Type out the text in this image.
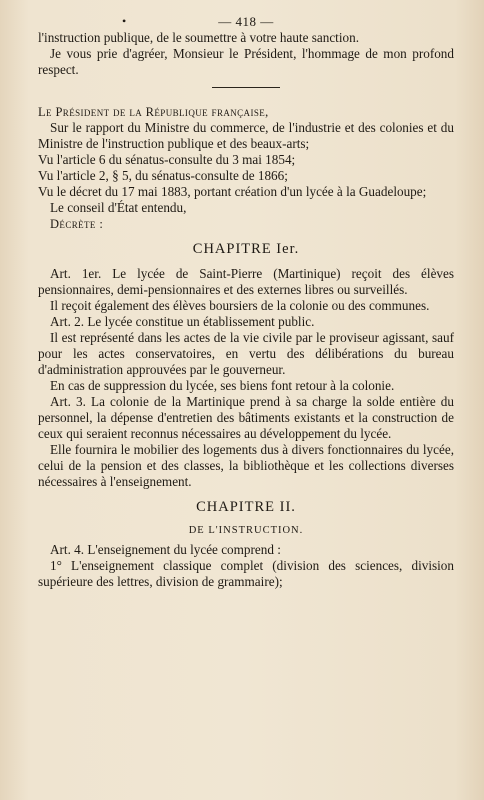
•	— 418 —

l'instruction publique, de le soumettre à votre haute sanction.

Je vous prie d'agréer, Monsieur le Président, l'hommage de mon profond respect.

Le Président de la République française,

Sur le rapport du Ministre du commerce, de l'industrie et des colonies et du Ministre de l'instruction publique et des beaux-arts;

Vu l'article 6 du sénatus-consulte du 3 mai 1854;

Vu l'article 2, § 5, du sénatus-consulte de 1866;

Vu le décret du 17 mai 1883, portant création d'un lycée à la Guadeloupe;

Le conseil d'État entendu,

Décrète :

CHAPITRE Ier.

Art. 1er. Le lycée de Saint-Pierre (Martinique) reçoit des élèves pensionnaires, demi-pensionnaires et des externes libres ou surveillés.

Il reçoit également des élèves boursiers de la colonie ou des communes.

Art. 2. Le lycée constitue un établissement public.

Il est représenté dans les actes de la vie civile par le proviseur agissant, sauf pour les actes conservatoires, en vertu des délibérations du bureau d'administration approuvées par le gouverneur.

En cas de suppression du lycée, ses biens font retour à la colonie.

Art. 3. La colonie de la Martinique prend à sa charge la solde entière du personnel, la dépense d'entretien des bâtiments existants et la construction de ceux qui seraient reconnus nécessaires au développement du lycée.

Elle fournira le mobilier des logements dus à divers fonctionnaires du lycée, celui de la pension et des classes, la bibliothèque et les collections diverses nécessaires à l'enseignement.

CHAPITRE II.
DE L'INSTRUCTION.

Art. 4. L'enseignement du lycée comprend :

1° L'enseignement classique complet (division des sciences, division supérieure des lettres, division de grammaire);
